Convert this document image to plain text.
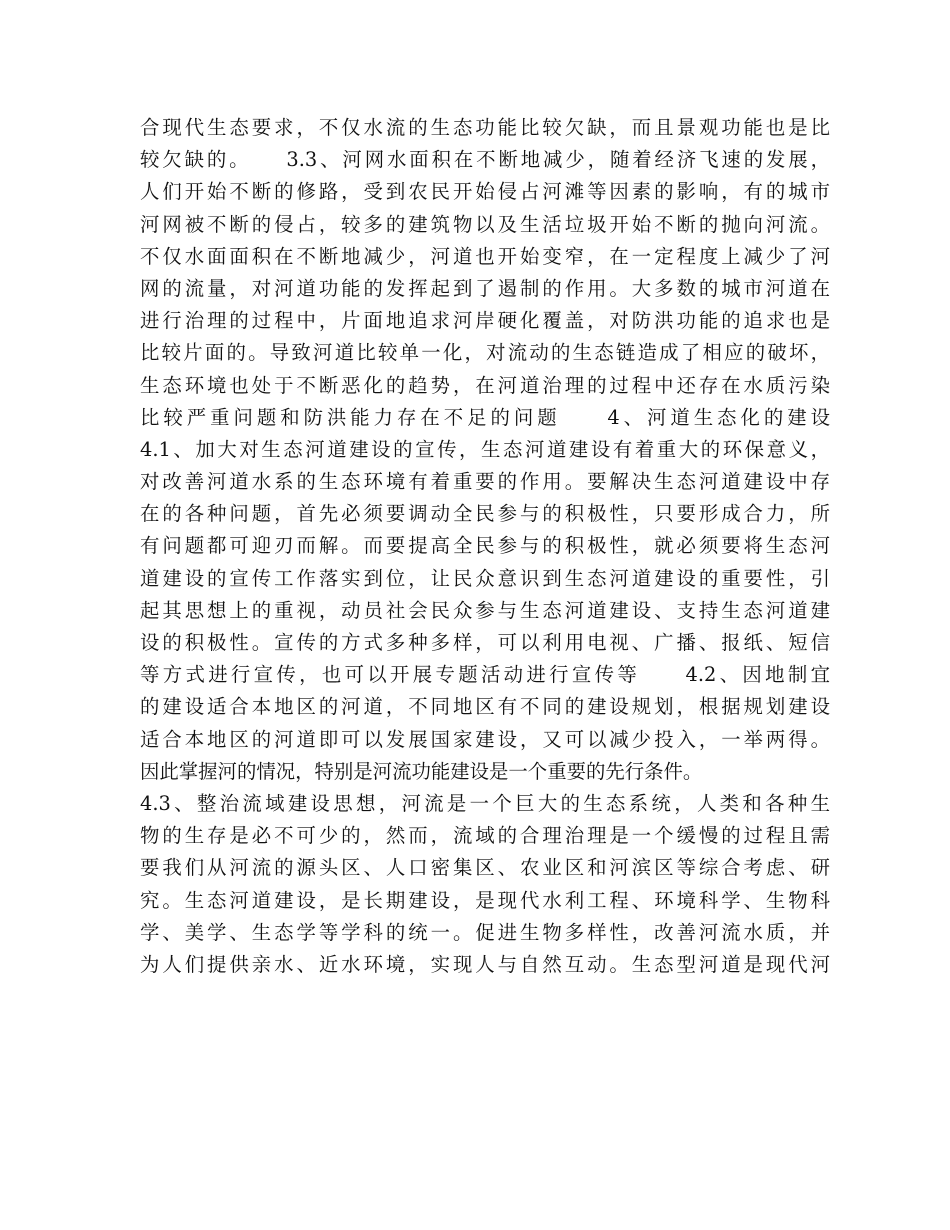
合现代生态要求，不仅水流的生态功能比较欠缺，而且景观功能也是比
较欠缺的。　　3.3、河网水面积在不断地减少，随着经济飞速的发展，
人们开始不断的修路，受到农民开始侵占河滩等因素的影响，有的城市
河网被不断的侵占，较多的建筑物以及生活垃圾开始不断的抛向河流。
不仅水面面积在不断地减少，河道也开始变窄，在一定程度上减少了河
网的流量，对河道功能的发挥起到了遏制的作用。大多数的城市河道在
进行治理的过程中，片面地追求河岸硬化覆盖，对防洪功能的追求也是
比较片面的。导致河道比较单一化，对流动的生态链造成了相应的破坏，
生态环境也处于不断恶化的趋势，在河道治理的过程中还存在水质污染
比较严重问题和防洪能力存在不足的问题　　4、河道生态化的建设
4.1、加大对生态河道建设的宣传，生态河道建设有着重大的环保意义，
对改善河道水系的生态环境有着重要的作用。要解决生态河道建设中存
在的各种问题，首先必须要调动全民参与的积极性，只要形成合力，所
有问题都可迎刃而解。而要提高全民参与的积极性，就必须要将生态河
道建设的宣传工作落实到位，让民众意识到生态河道建设的重要性，引
起其思想上的重视，动员社会民众参与生态河道建设、支持生态河道建
设的积极性。宣传的方式多种多样，可以利用电视、广播、报纸、短信
等方式进行宣传，也可以开展专题活动进行宣传等　　4.2、因地制宜
的建设适合本地区的河道，不同地区有不同的建设规划，根据规划建设
适合本地区的河道即可以发展国家建设，又可以减少投入，一举两得。
因此掌握河的情况，特别是河流功能建设是一个重要的先行条件。
4.3、整治流域建设思想，河流是一个巨大的生态系统，人类和各种生
物的生存是必不可少的，然而，流域的合理治理是一个缓慢的过程且需
要我们从河流的源头区、人口密集区、农业区和河滨区等综合考虑、研
究。生态河道建设，是长期建设，是现代水利工程、环境科学、生物科
学、美学、生态学等学科的统一。促进生物多样性，改善河流水质，并
为人们提供亲水、近水环境，实现人与自然互动。生态型河道是现代河
